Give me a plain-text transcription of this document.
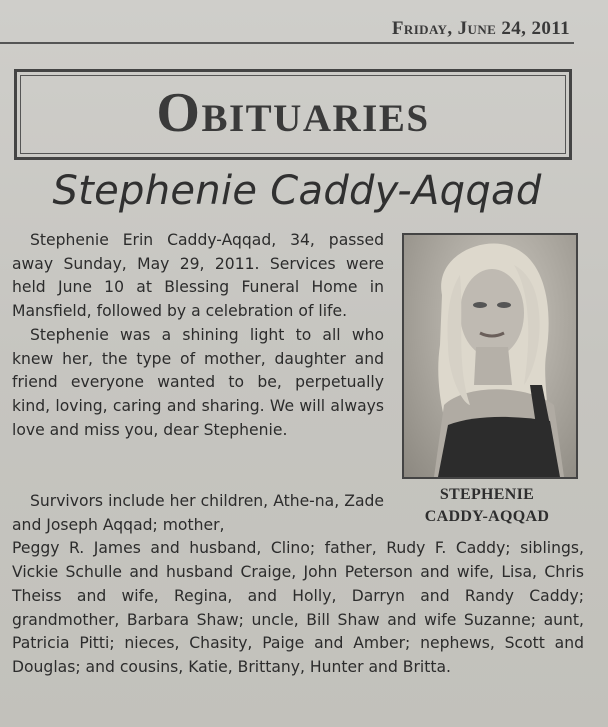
Friday, June 24, 2011
Obituaries
Stephenie Caddy-Aqqad

Stephenie Erin Caddy-Aqqad, 34, passed away Sunday, May 29, 2011. Services were held June 10 at Blessing Funeral Home in Mansfield, followed by a celebration of life.

Stephenie was a shining light to all who knew her, the type of mother, daughter and friend everyone wanted to be, perpetually kind, loving, caring and sharing. We will always love and miss you, dear Stephenie.

STEPHENIE
CADDY-AQQAD
Survivors include her children, Athe-na, Zade and Joseph Aqqad; mother,
Peggy R. James and husband, Clino; father, Rudy F. Caddy; siblings, Vickie Schulle and husband Craige, John Peterson and wife, Lisa, Chris Theiss and wife, Regina, and Holly, Darryn and Randy Caddy; grandmother, Barbara Shaw; uncle, Bill Shaw and wife Suzanne; aunt, Patricia Pitti; nieces, Chasity, Paige and Amber; nephews, Scott and Douglas; and cousins, Katie, Brittany, Hunter and Britta.
